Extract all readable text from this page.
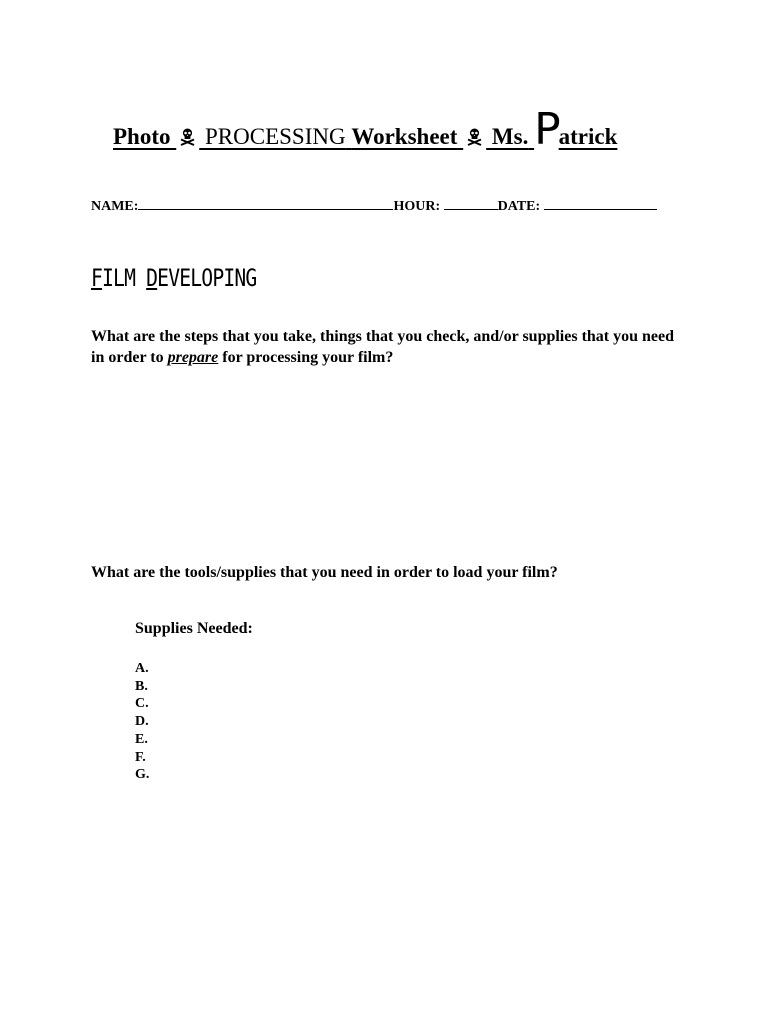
Photo PROCESSING Worksheet Ms. Patrick
NAME:	HOUR:	DATE:
FILM DEVELOPING
What are the steps that you take, things that you check, and/or supplies that you need in order to prepare for processing your film?
What are the tools/supplies that you need in order to load your film?
Supplies Needed:
A.
B.
C.
D.
E.
F.
G.
